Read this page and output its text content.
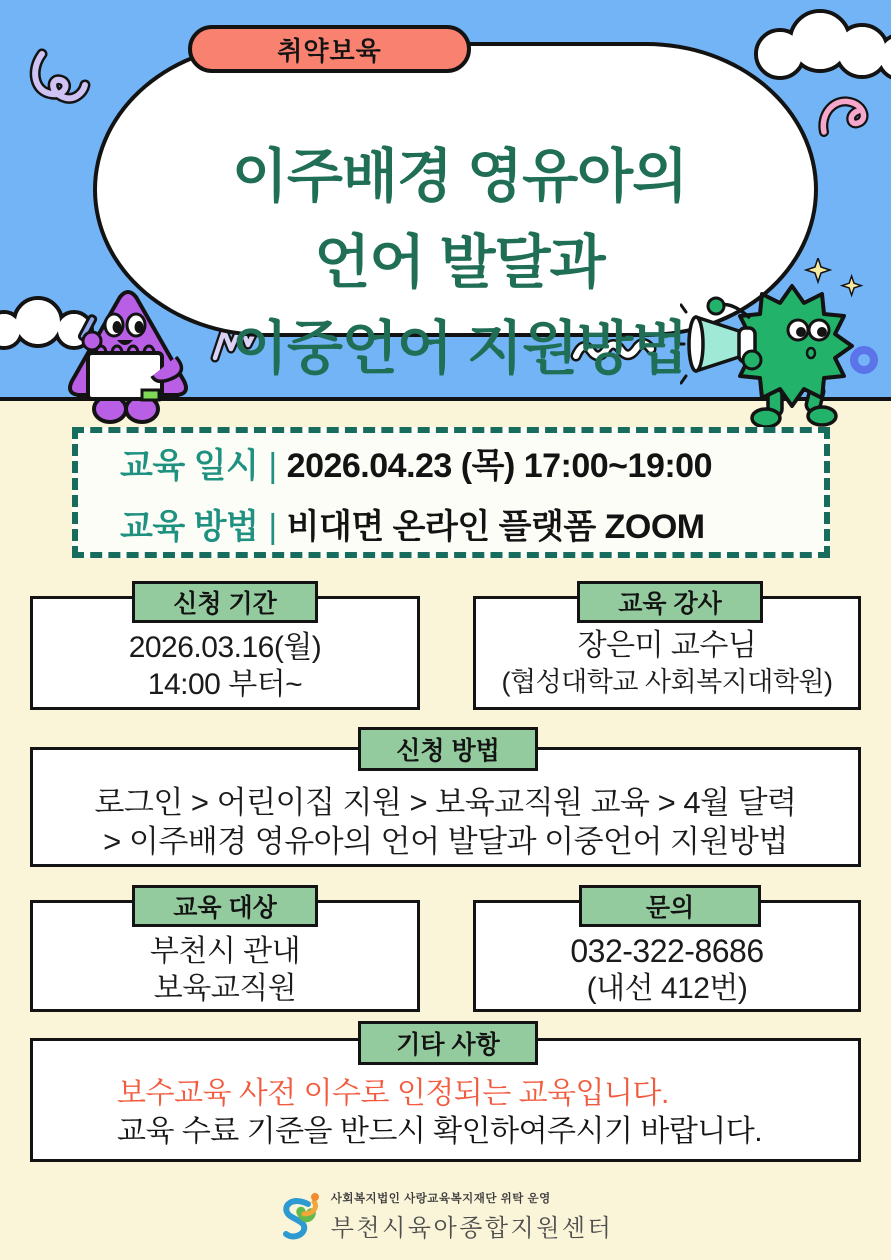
이주배경 영유아의
언어 발달과
이중언어 지원방법
취약보육
교육 일시 | 2026.04.23 (목) 17:00~19:00
교육 방법 | 비대면 온라인 플랫폼 ZOOM
신청 기간
2026.03.16(월)
14:00 부터~
교육 강사
장은미 교수님
(협성대학교 사회복지대학원)
신청 방법
로그인 > 어린이집 지원 > 보육교직원 교육 > 4월 달력
> 이주배경 영유아의 언어 발달과 이중언어 지원방법
교육 대상
부천시 관내
보육교직원
문의
032-322-8686
(내선 412번)
기타 사항
보수교육 사전 이수로 인정되는 교육입니다.
교육 수료 기준을 반드시 확인하여주시기 바랍니다.
사회복지법인 사랑교육복지재단 위탁 운영
부천시육아종합지원센터
